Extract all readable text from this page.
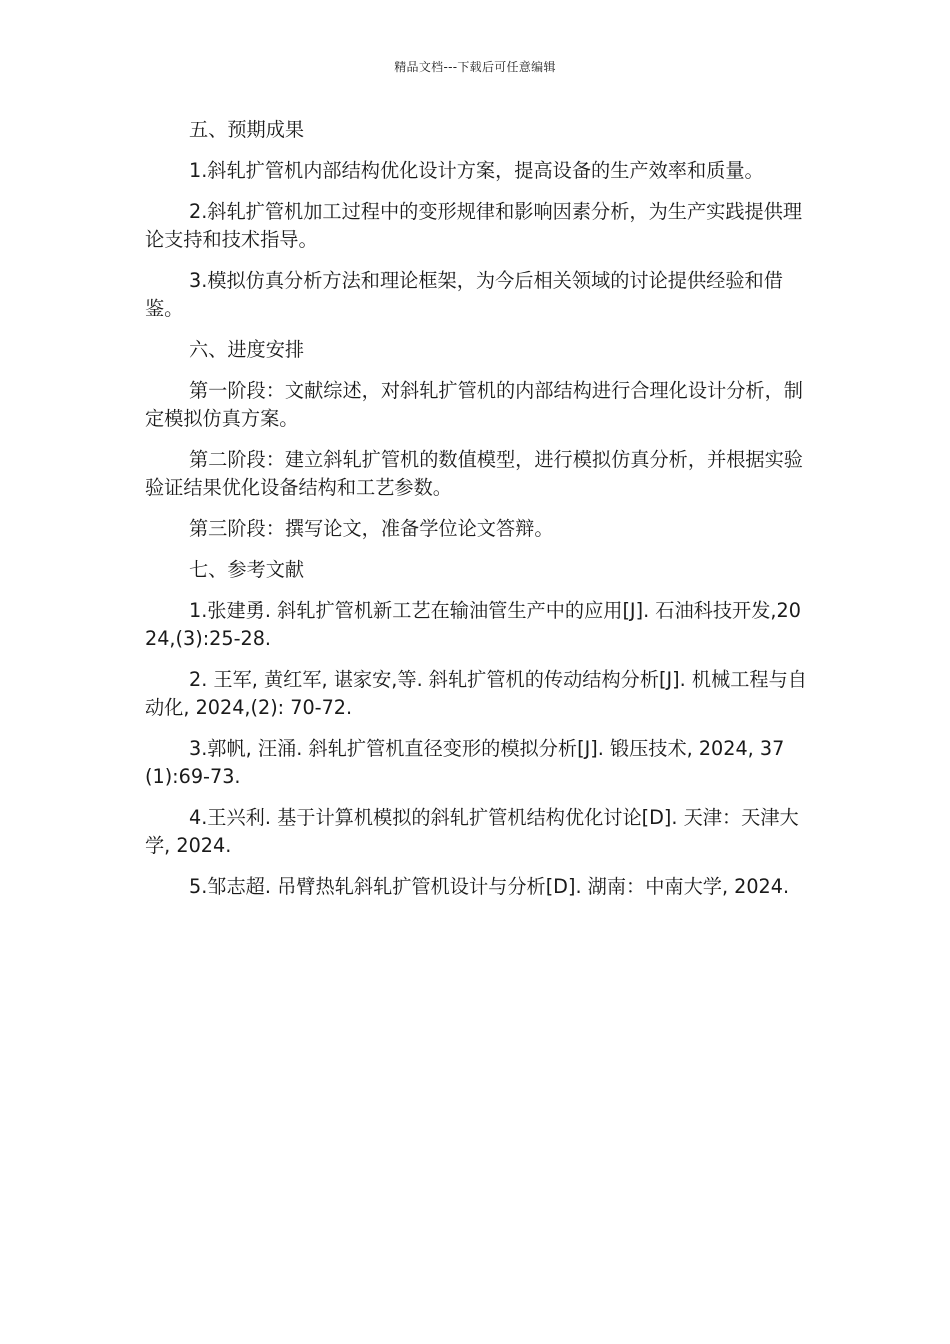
精品文档---下载后可任意编辑

五、预期成果

1.斜轧扩管机内部结构优化设计方案，提高设备的生产效率和质量。

2.斜轧扩管机加工过程中的变形规律和影响因素分析，为生产实践提供理论支持和技术指导。

3.模拟仿真分析方法和理论框架，为今后相关领域的讨论提供经验和借鉴。

六、进度安排

第一阶段：文献综述，对斜轧扩管机的内部结构进行合理化设计分析，制定模拟仿真方案。

第二阶段：建立斜轧扩管机的数值模型，进行模拟仿真分析，并根据实验验证结果优化设备结构和工艺参数。

第三阶段：撰写论文，准备学位论文答辩。

七、参考文献

1.张建勇. 斜轧扩管机新工艺在输油管生产中的应用[J]. 石油科技开发,2024,(3):25-28.

2. 王军, 黄红军, 谌家安,等. 斜轧扩管机的传动结构分析[J]. 机械工程与自动化, 2024,(2): 70-72.

3.郭帆, 汪涌. 斜轧扩管机直径变形的模拟分析[J]. 锻压技术, 2024, 37(1):69-73.

4.王兴利. 基于计算机模拟的斜轧扩管机结构优化讨论[D]. 天津：天津大学, 2024.

5.邹志超. 吊臂热轧斜轧扩管机设计与分析[D]. 湖南：中南大学, 2024.
